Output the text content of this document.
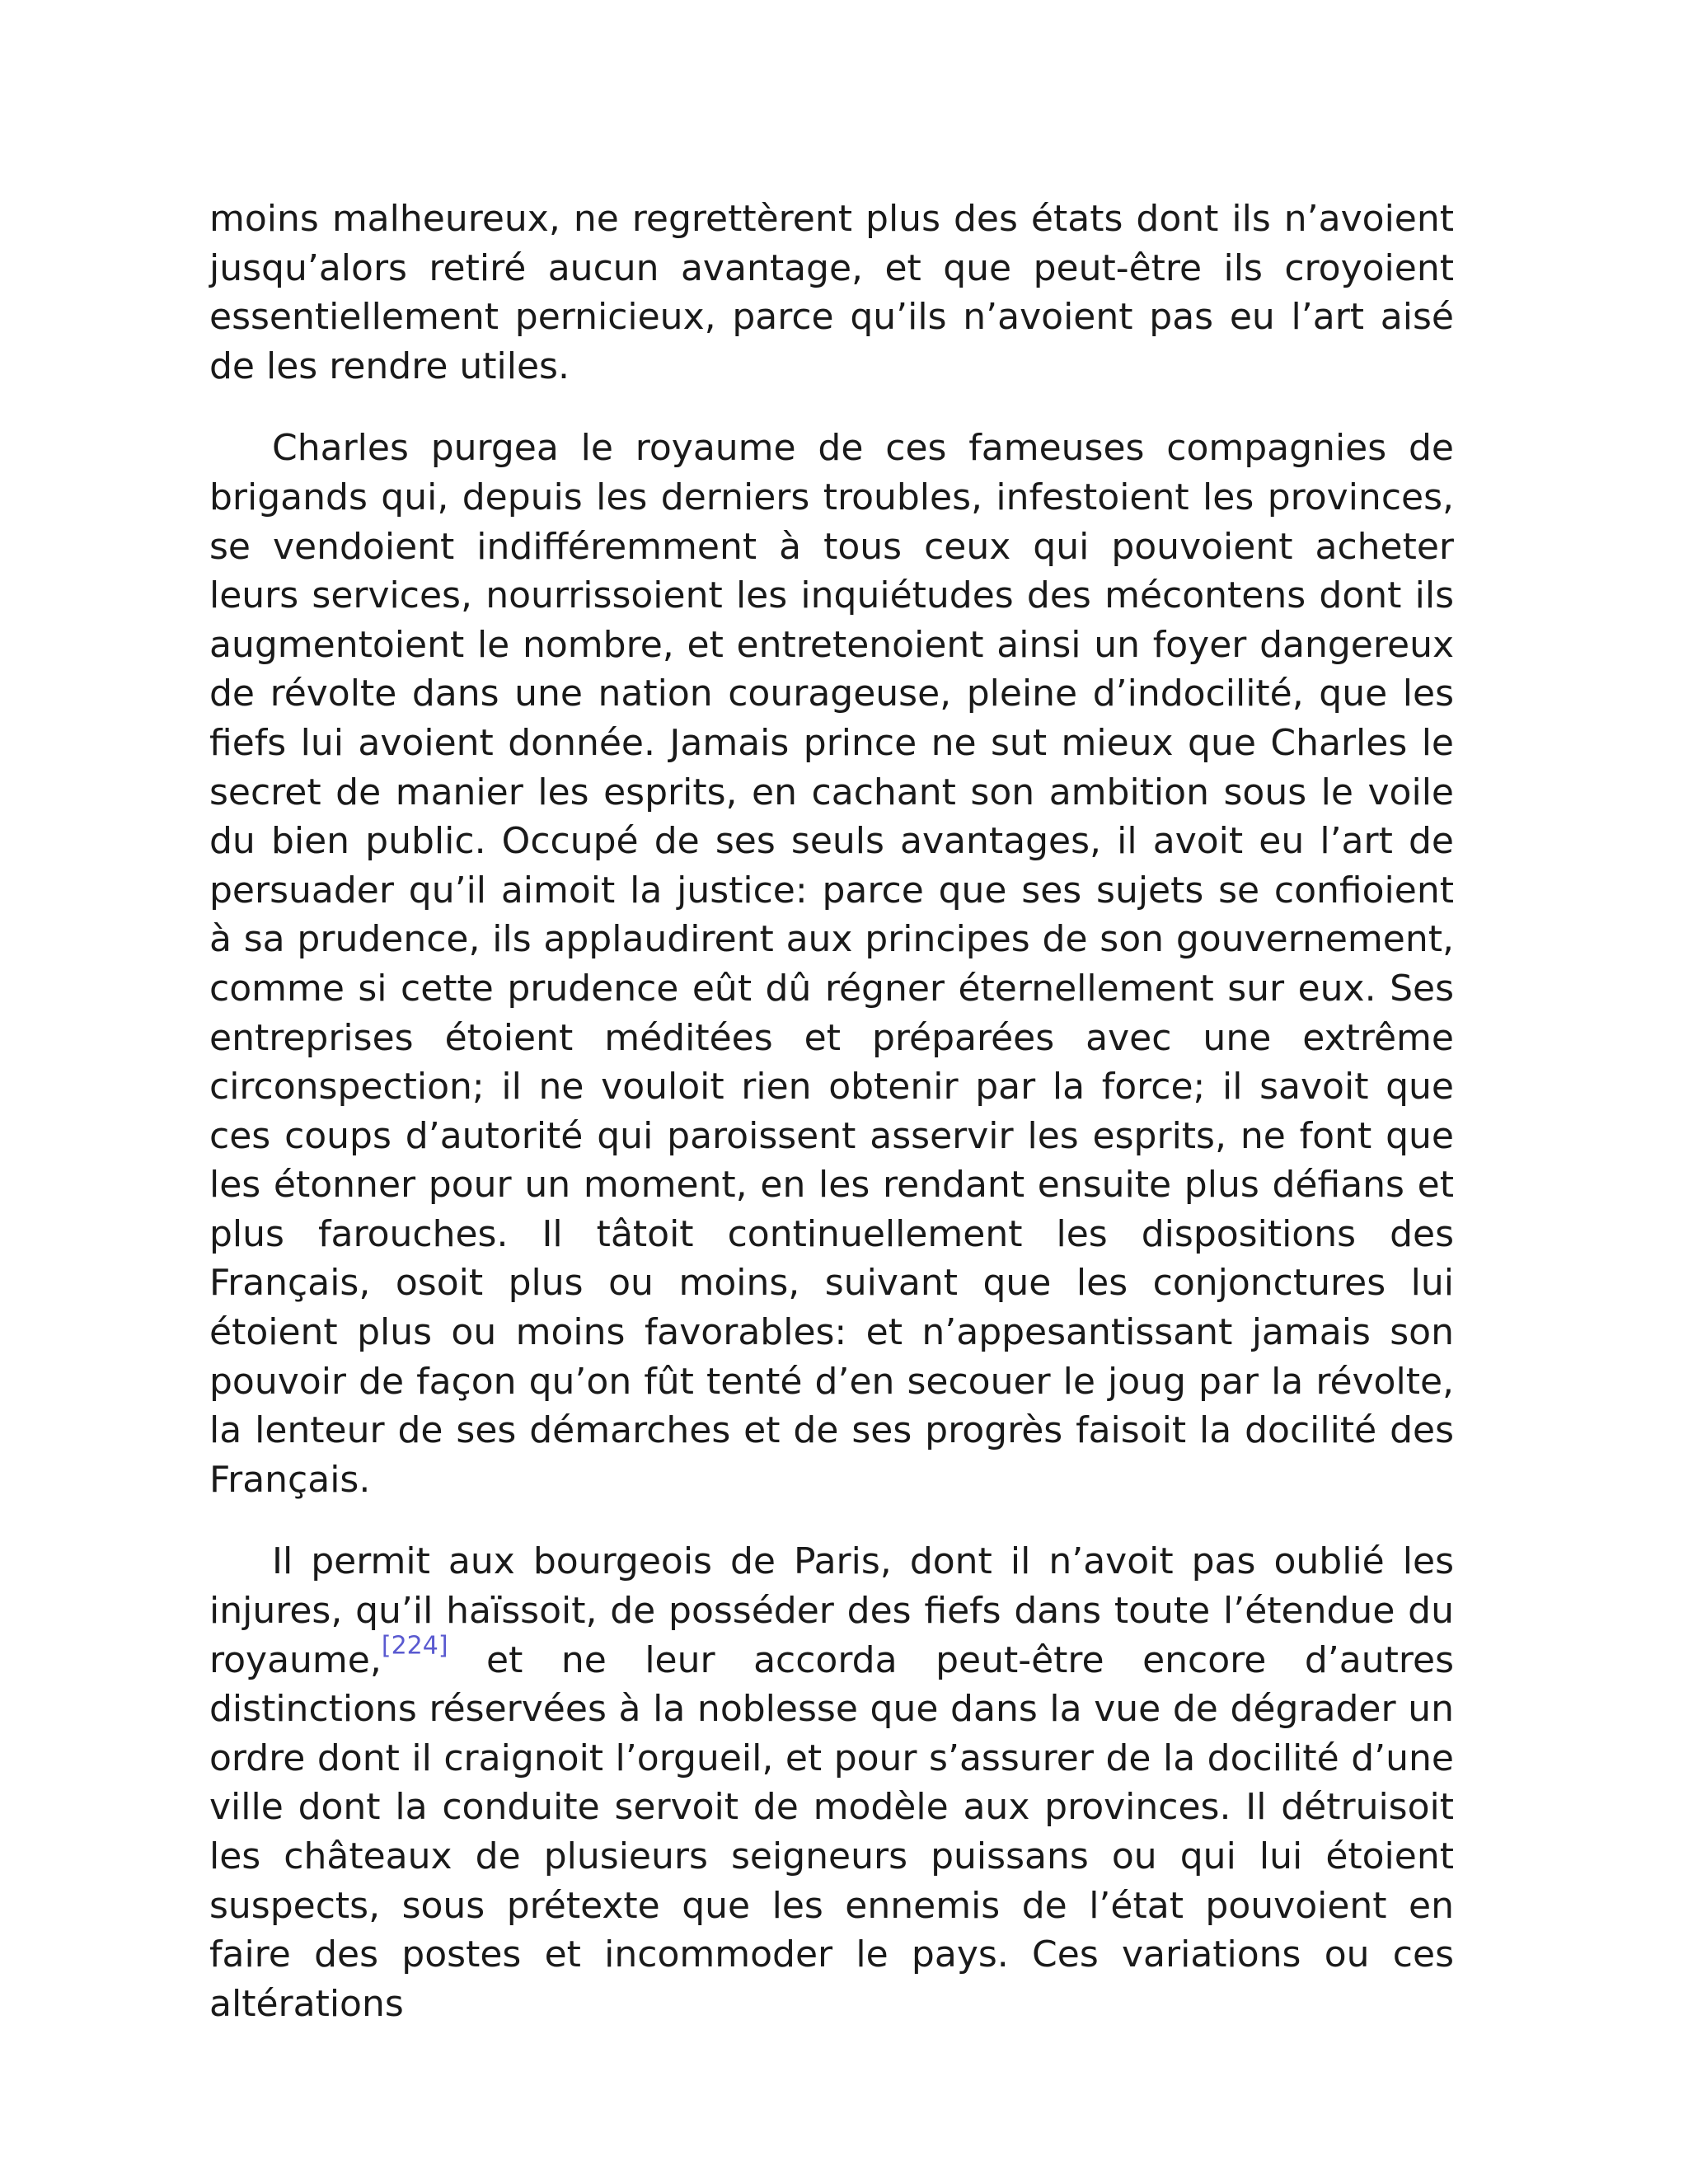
moins malheureux, ne regrettèrent plus des états dont ils n’avoient jusqu’alors retiré aucun avantage, et que peut-être ils croyoient essentiellement pernicieux, parce qu’ils n’avoient pas eu l’art aisé de les rendre utiles.

Charles purgea le royaume de ces fameuses compagnies de brigands qui, depuis les derniers troubles, infestoient les provinces, se vendoient indifféremment à tous ceux qui pouvoient acheter leurs services, nourrissoient les inquiétudes des mécontens dont ils augmentoient le nombre, et entretenoient ainsi un foyer dangereux de révolte dans une nation courageuse, pleine d’indocilité, que les fiefs lui avoient donnée. Jamais prince ne sut mieux que Charles le secret de manier les esprits, en cachant son ambition sous le voile du bien public. Occupé de ses seuls avantages, il avoit eu l’art de persuader qu’il aimoit la justice: parce que ses sujets se confioient à sa prudence, ils applaudirent aux principes de son gouvernement, comme si cette prudence eût dû régner éternellement sur eux. Ses entreprises étoient méditées et préparées avec une extrême circonspection; il ne vouloit rien obtenir par la force; il savoit que ces coups d’autorité qui paroissent asservir les esprits, ne font que les étonner pour un moment, en les rendant ensuite plus défians et plus farouches. Il tâtoit continuellement les dispositions des Français, osoit plus ou moins, suivant que les conjonctures lui étoient plus ou moins favorables: et n’appesantissant jamais son pouvoir de façon qu’on fût tenté d’en secouer le joug par la révolte, la lenteur de ses démarches et de ses progrès faisoit la docilité des Français.

Il permit aux bourgeois de Paris, dont il n’avoit pas oublié les injures, qu’il haïssoit, de posséder des fiefs dans toute l’étendue du royaume,[224] et ne leur accorda peut-être encore d’autres distinctions réservées à la noblesse que dans la vue de dégrader un ordre dont il craignoit l’orgueil, et pour s’assurer de la docilité d’une ville dont la conduite servoit de modèle aux provinces. Il détruisoit les châteaux de plusieurs seigneurs puissans ou qui lui étoient suspects, sous prétexte que les ennemis de l’état pouvoient en faire des postes et incommoder le pays. Ces variations ou ces altérations
